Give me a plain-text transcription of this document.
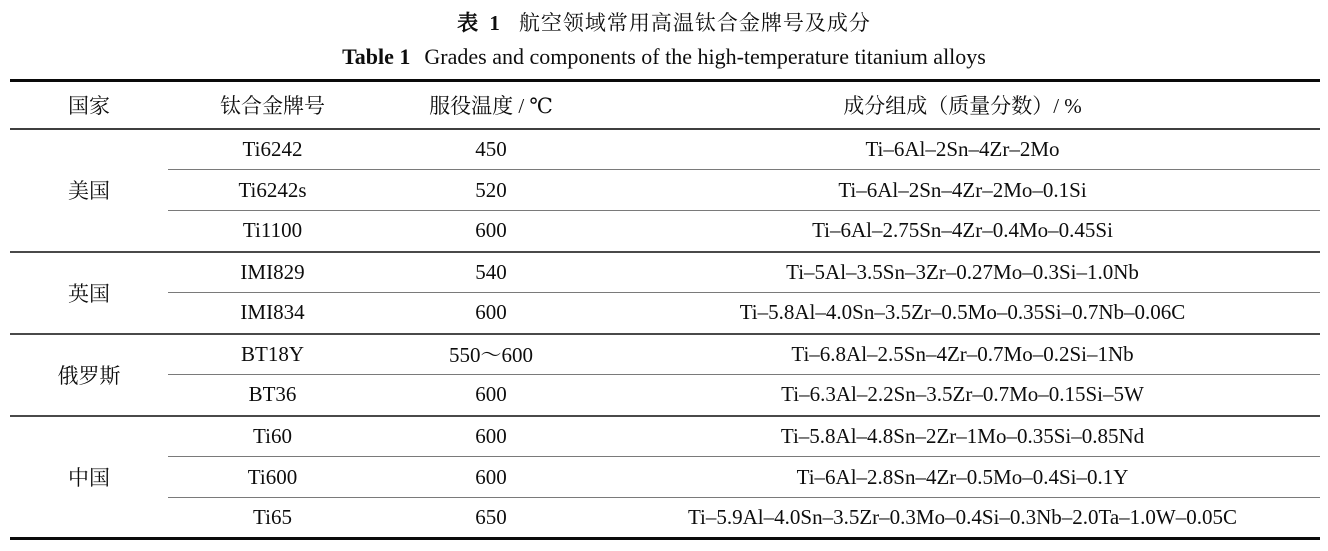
表 1 航空领域常用高温钛合金牌号及成分
Table 1 Grades and components of the high-temperature titanium alloys
国家	钛合金牌号	服役温度 / ℃	成分组成（质量分数）/ %
美国	Ti6242	450	Ti–6Al–2Sn–4Zr–2Mo
	Ti6242s	520	Ti–6Al–2Sn–4Zr–2Mo–0.1Si
	Ti1100	600	Ti–6Al–2.75Sn–4Zr–0.4Mo–0.45Si
英国	IMI829	540	Ti–5Al–3.5Sn–3Zr–0.27Mo–0.3Si–1.0Nb
	IMI834	600	Ti–5.8Al–4.0Sn–3.5Zr–0.5Mo–0.35Si–0.7Nb–0.06C
俄罗斯	BT18Y	550～600	Ti–6.8Al–2.5Sn–4Zr–0.7Mo–0.2Si–1Nb
	BT36	600	Ti–6.3Al–2.2Sn–3.5Zr–0.7Mo–0.15Si–5W
中国	Ti60	600	Ti–5.8Al–4.8Sn–2Zr–1Mo–0.35Si–0.85Nd
	Ti600	600	Ti–6Al–2.8Sn–4Zr–0.5Mo–0.4Si–0.1Y
	Ti65	650	Ti–5.9Al–4.0Sn–3.5Zr–0.3Mo–0.4Si–0.3Nb–2.0Ta–1.0W–0.05C
